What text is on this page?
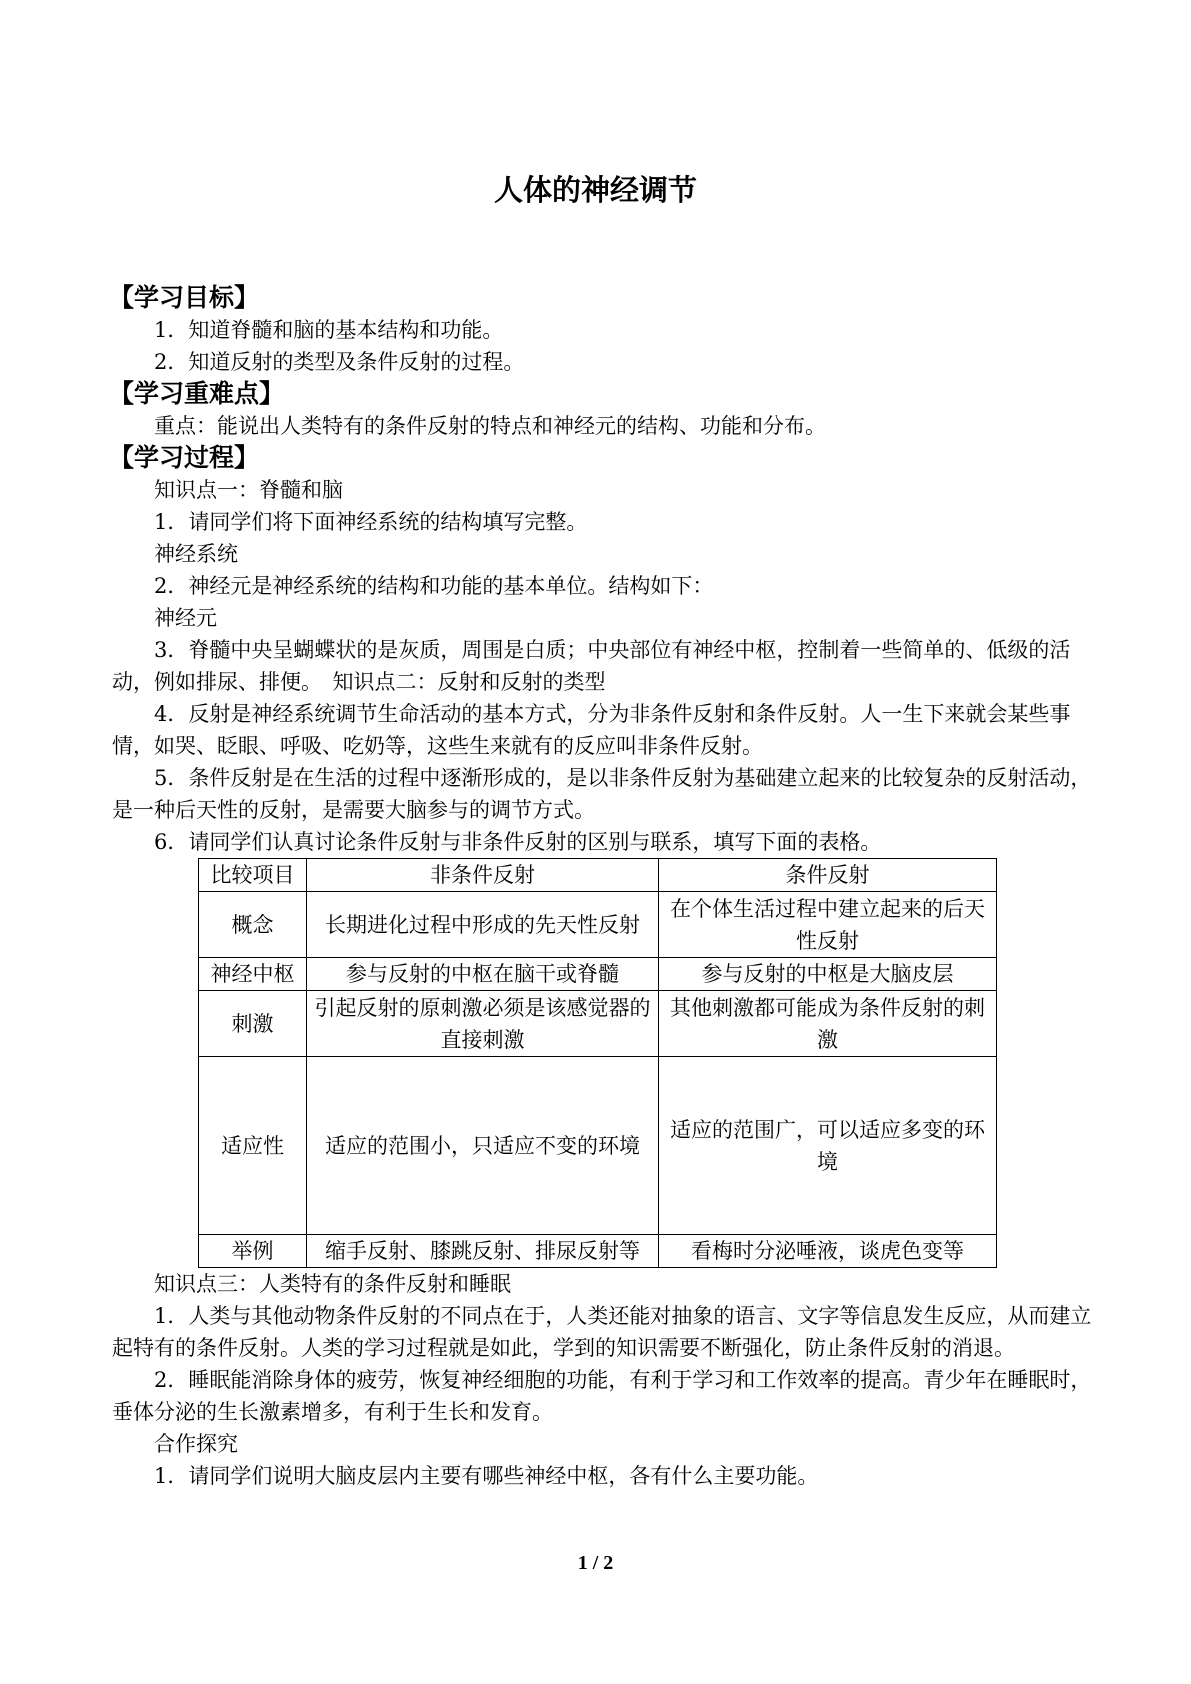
人体的神经调节
【学习目标】

1．知道脊髓和脑的基本结构和功能。

2．知道反射的类型及条件反射的过程。

【学习重难点】

重点：能说出人类特有的条件反射的特点和神经元的结构、功能和分布。

【学习过程】

知识点一：脊髓和脑

1．请同学们将下面神经系统的结构填写完整。

神经系统

2．神经元是神经系统的结构和功能的基本单位。结构如下：

神经元

3．脊髓中央呈蝴蝶状的是灰质，周围是白质；中央部位有神经中枢，控制着一些简单的、低级的活动，例如排尿、排便。　知识点二：反射和反射的类型

4．反射是神经系统调节生命活动的基本方式，分为非条件反射和条件反射。人一生下来就会某些事情，如哭、眨眼、呼吸、吃奶等，这些生来就有的反应叫非条件反射。

5．条件反射是在生活的过程中逐渐形成的，是以非条件反射为基础建立起来的比较复杂的反射活动，是一种后天性的反射，是需要大脑参与的调节方式。

6．请同学们认真讨论条件反射与非条件反射的区别与联系，填写下面的表格。

比较项目	非条件反射	条件反射
概念	长期进化过程中形成的先天性反射	在个体生活过程中建立起来的后天性反射
神经中枢	参与反射的中枢在脑干或脊髓	参与反射的中枢是大脑皮层
刺激	引起反射的原刺激必须是该感觉器的直接刺激	其他刺激都可能成为条件反射的刺激
适应性	适应的范围小，只适应不变的环境	适应的范围广，可以适应多变的环境
举例	缩手反射、膝跳反射、排尿反射等	看梅时分泌唾液，谈虎色变等

知识点三：人类特有的条件反射和睡眠

1．人类与其他动物条件反射的不同点在于，人类还能对抽象的语言、文字等信息发生反应，从而建立起特有的条件反射。人类的学习过程就是如此，学到的知识需要不断强化，防止条件反射的消退。

2．睡眠能消除身体的疲劳，恢复神经细胞的功能，有利于学习和工作效率的提高。青少年在睡眠时，垂体分泌的生长激素增多，有利于生长和发育。

合作探究

1．请同学们说明大脑皮层内主要有哪些神经中枢，各有什么主要功能。

1 / 2
